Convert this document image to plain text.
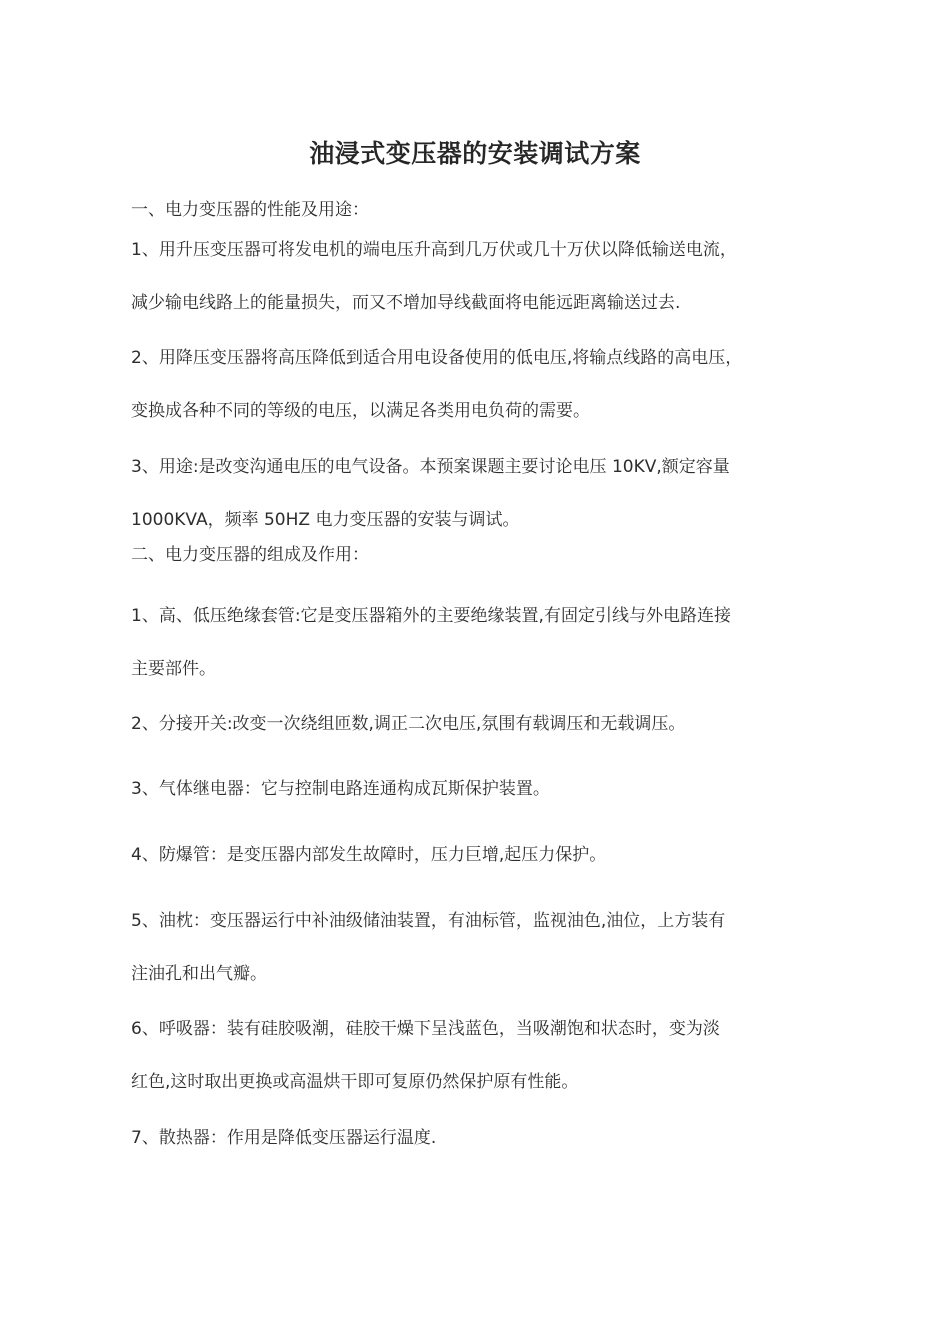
油浸式变压器的安装调试方案
一、电力变压器的性能及用途：
1、用升压变压器可将发电机的端电压升高到几万伏或几十万伏以降低输送电流，
减少输电线路上的能量损失，而又不增加导线截面将电能远距离输送过去.
2、用降压变压器将高压降低到适合用电设备使用的低电压,将输点线路的高电压，
变换成各种不同的等级的电压，以满足各类用电负荷的需要。
3、用途:是改变沟通电压的电气设备。本预案课题主要讨论电压 10KV,额定容量
1000KVA，频率 50HZ 电力变压器的安装与调试。
二、电力变压器的组成及作用：
1、高、低压绝缘套管:它是变压器箱外的主要绝缘装置,有固定引线与外电路连接
主要部件。
2、分接开关:改变一次绕组匝数,调正二次电压,氛围有载调压和无载调压。
3、气体继电器：它与控制电路连通构成瓦斯保护装置。
4、防爆管：是变压器内部发生故障时，压力巨增,起压力保护。
5、油枕：变压器运行中补油级储油装置，有油标管，监视油色,油位，上方装有
注油孔和出气瓣。
6、呼吸器：装有硅胶吸潮，硅胶干燥下呈浅蓝色，当吸潮饱和状态时，变为淡
红色,这时取出更换或高温烘干即可复原仍然保护原有性能。
7、散热器：作用是降低变压器运行温度.
